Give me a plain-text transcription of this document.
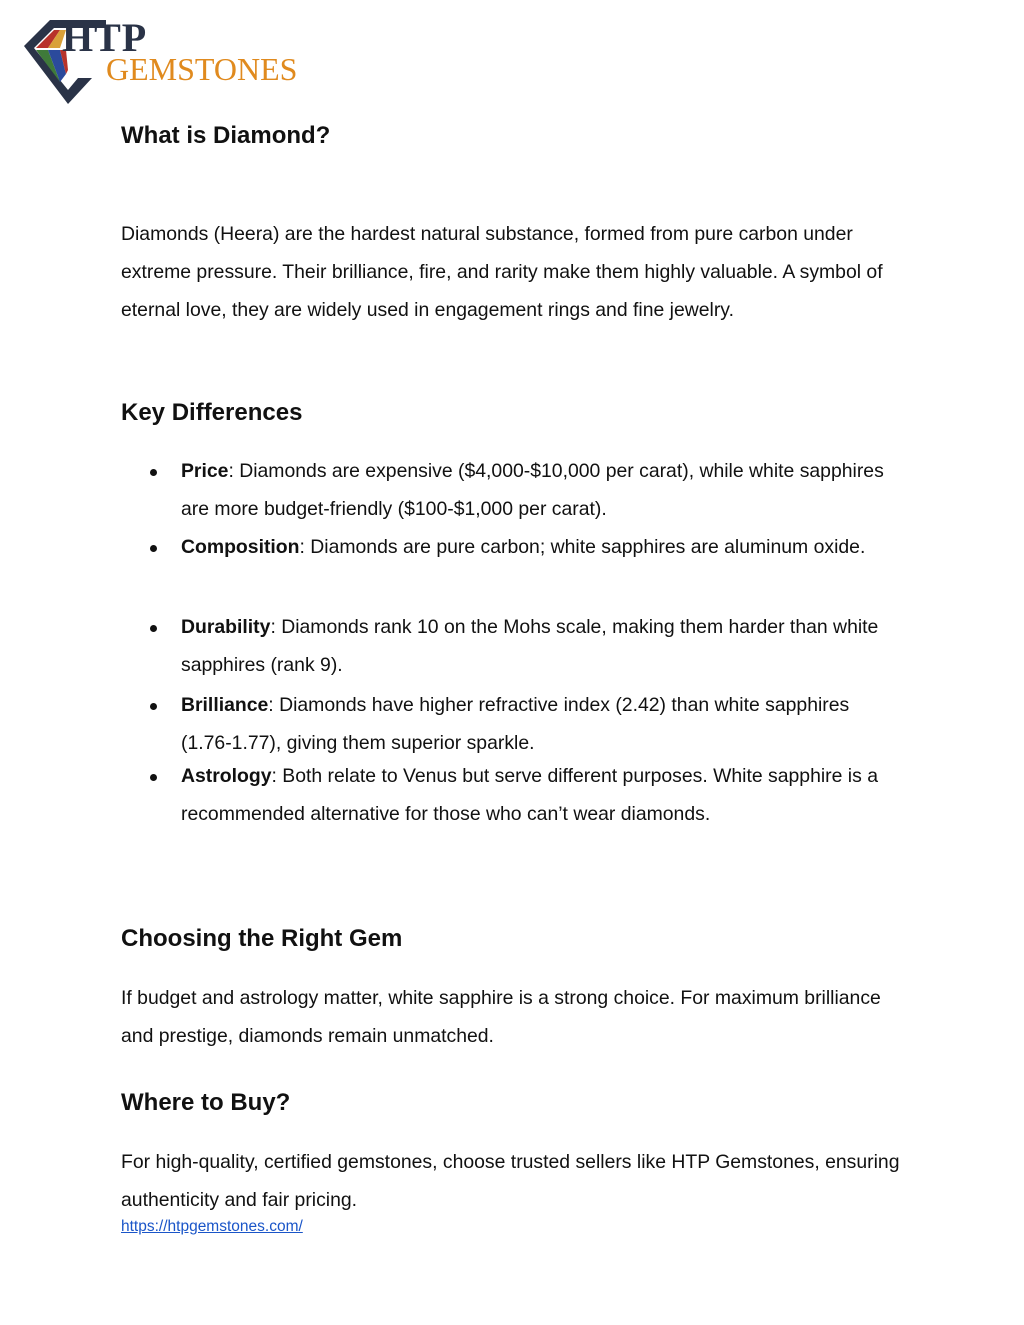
HTP
GEMSTONES
What is Diamond?

Diamonds (Heera) are the hardest natural substance, formed from pure carbon under extreme pressure. Their brilliance, fire, and rarity make them highly valuable. A symbol of eternal love, they are widely used in engagement rings and fine jewelry.

Key Differences
Price: Diamonds are expensive ($4,000-$10,000 per carat), while white sapphires are more budget-friendly ($100-$1,000 per carat).
Composition: Diamonds are pure carbon; white sapphires are aluminum oxide.
Durability: Diamonds rank 10 on the Mohs scale, making them harder than white sapphires (rank 9).
Brilliance: Diamonds have higher refractive index (2.42) than white sapphires (1.76-1.77), giving them superior sparkle.
Astrology: Both relate to Venus but serve different purposes. White sapphire is a recommended alternative for those who can’t wear diamonds.
Choosing the Right Gem

If budget and astrology matter, white sapphire is a strong choice. For maximum brilliance and prestige, diamonds remain unmatched.

Where to Buy?

For high-quality, certified gemstones, choose trusted sellers like HTP Gemstones, ensuring authenticity and fair pricing.

https://htpgemstones.com/
